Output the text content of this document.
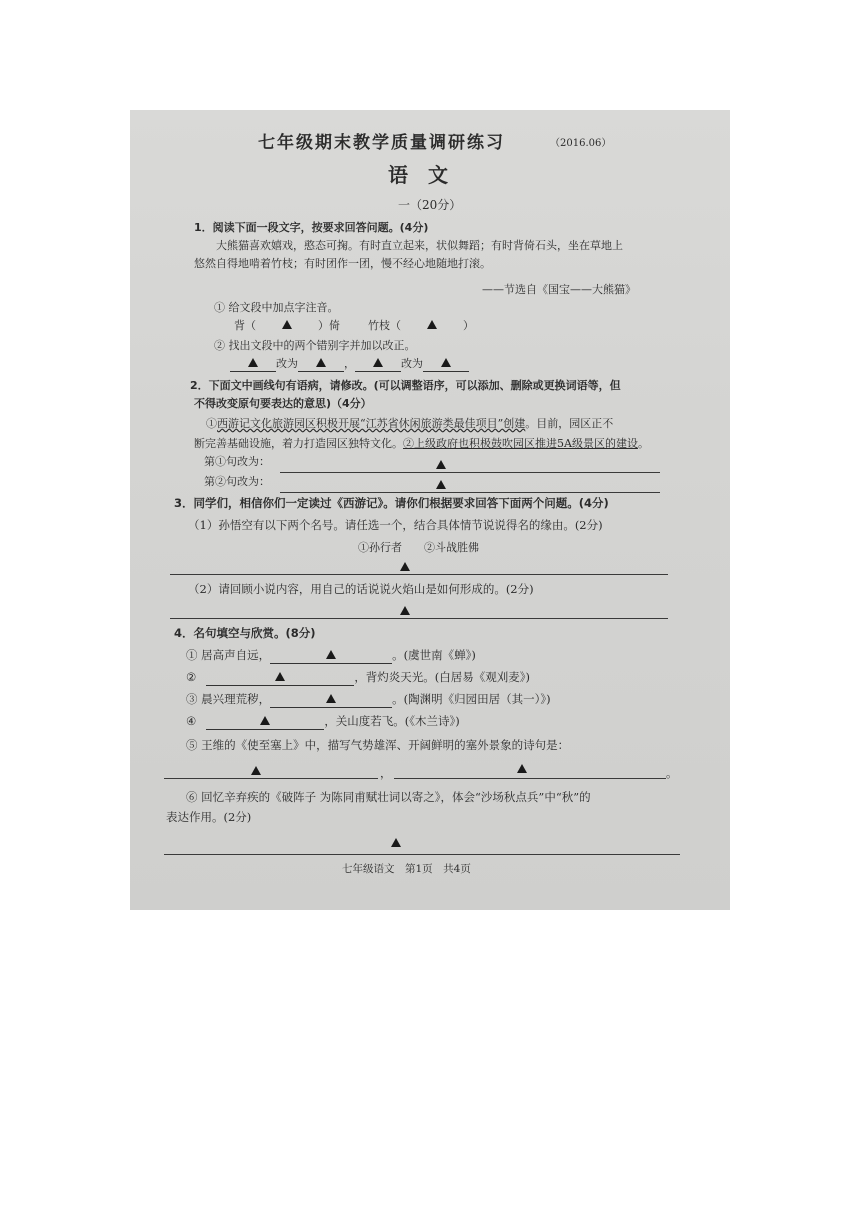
七年级期末教学质量调研练习	（2016.06）
语　文
一（20分）
1．阅读下面一段文字，按要求回答问题。(4分)
大熊猫喜欢嬉戏，憨态可掬。有时直立起来，状似舞蹈；有时背倚石头，坐在草地上
悠然自得地啃着竹枝；有时团作一团，慢不经心地随地打滚。
——节选自《国宝——大熊猫》
① 给文段中加点字注音。
背（	）倚	竹枝（	）
② 找出文段中的两个错别字并加以改正。
改为	，	改为
2．下面文中画线句有语病，请修改。(可以调整语序，可以添加、删除或更换词语等，但
不得改变原句要表达的意思)（4分）
①西游记文化旅游园区积极开展“江苏省休闲旅游类最佳项目”创建。目前，园区正不
断完善基础设施，着力打造园区独特文化。②上级政府也积极鼓吹园区推进5A级景区的建设。
第①句改为：
第②句改为：
3．同学们，相信你们一定读过《西游记》。请你们根据要求回答下面两个问题。(4分)
（1）孙悟空有以下两个名号。请任选一个，结合具体情节说说得名的缘由。(2分)
①孙行者　　②斗战胜佛
（2）请回顾小说内容，用自己的话说说火焰山是如何形成的。(2分)
4．名句填空与欣赏。(8分)
① 居高声自远，	。(虞世南《蝉》)
②	，背灼炎天光。(白居易《观刈麦》)
③ 晨兴理荒秽，	。(陶渊明《归园田居（其一）》)
④	，关山度若飞。(《木兰诗》)
⑤ 王维的《使至塞上》中，描写气势雄浑、开阔鲜明的塞外景象的诗句是：
，	。
⑥ 回忆辛弃疾的《破阵子 为陈同甫赋壮词以寄之》，体会“沙场秋点兵”中“秋”的
表达作用。(2分)
七年级语文　第1页　共4页
